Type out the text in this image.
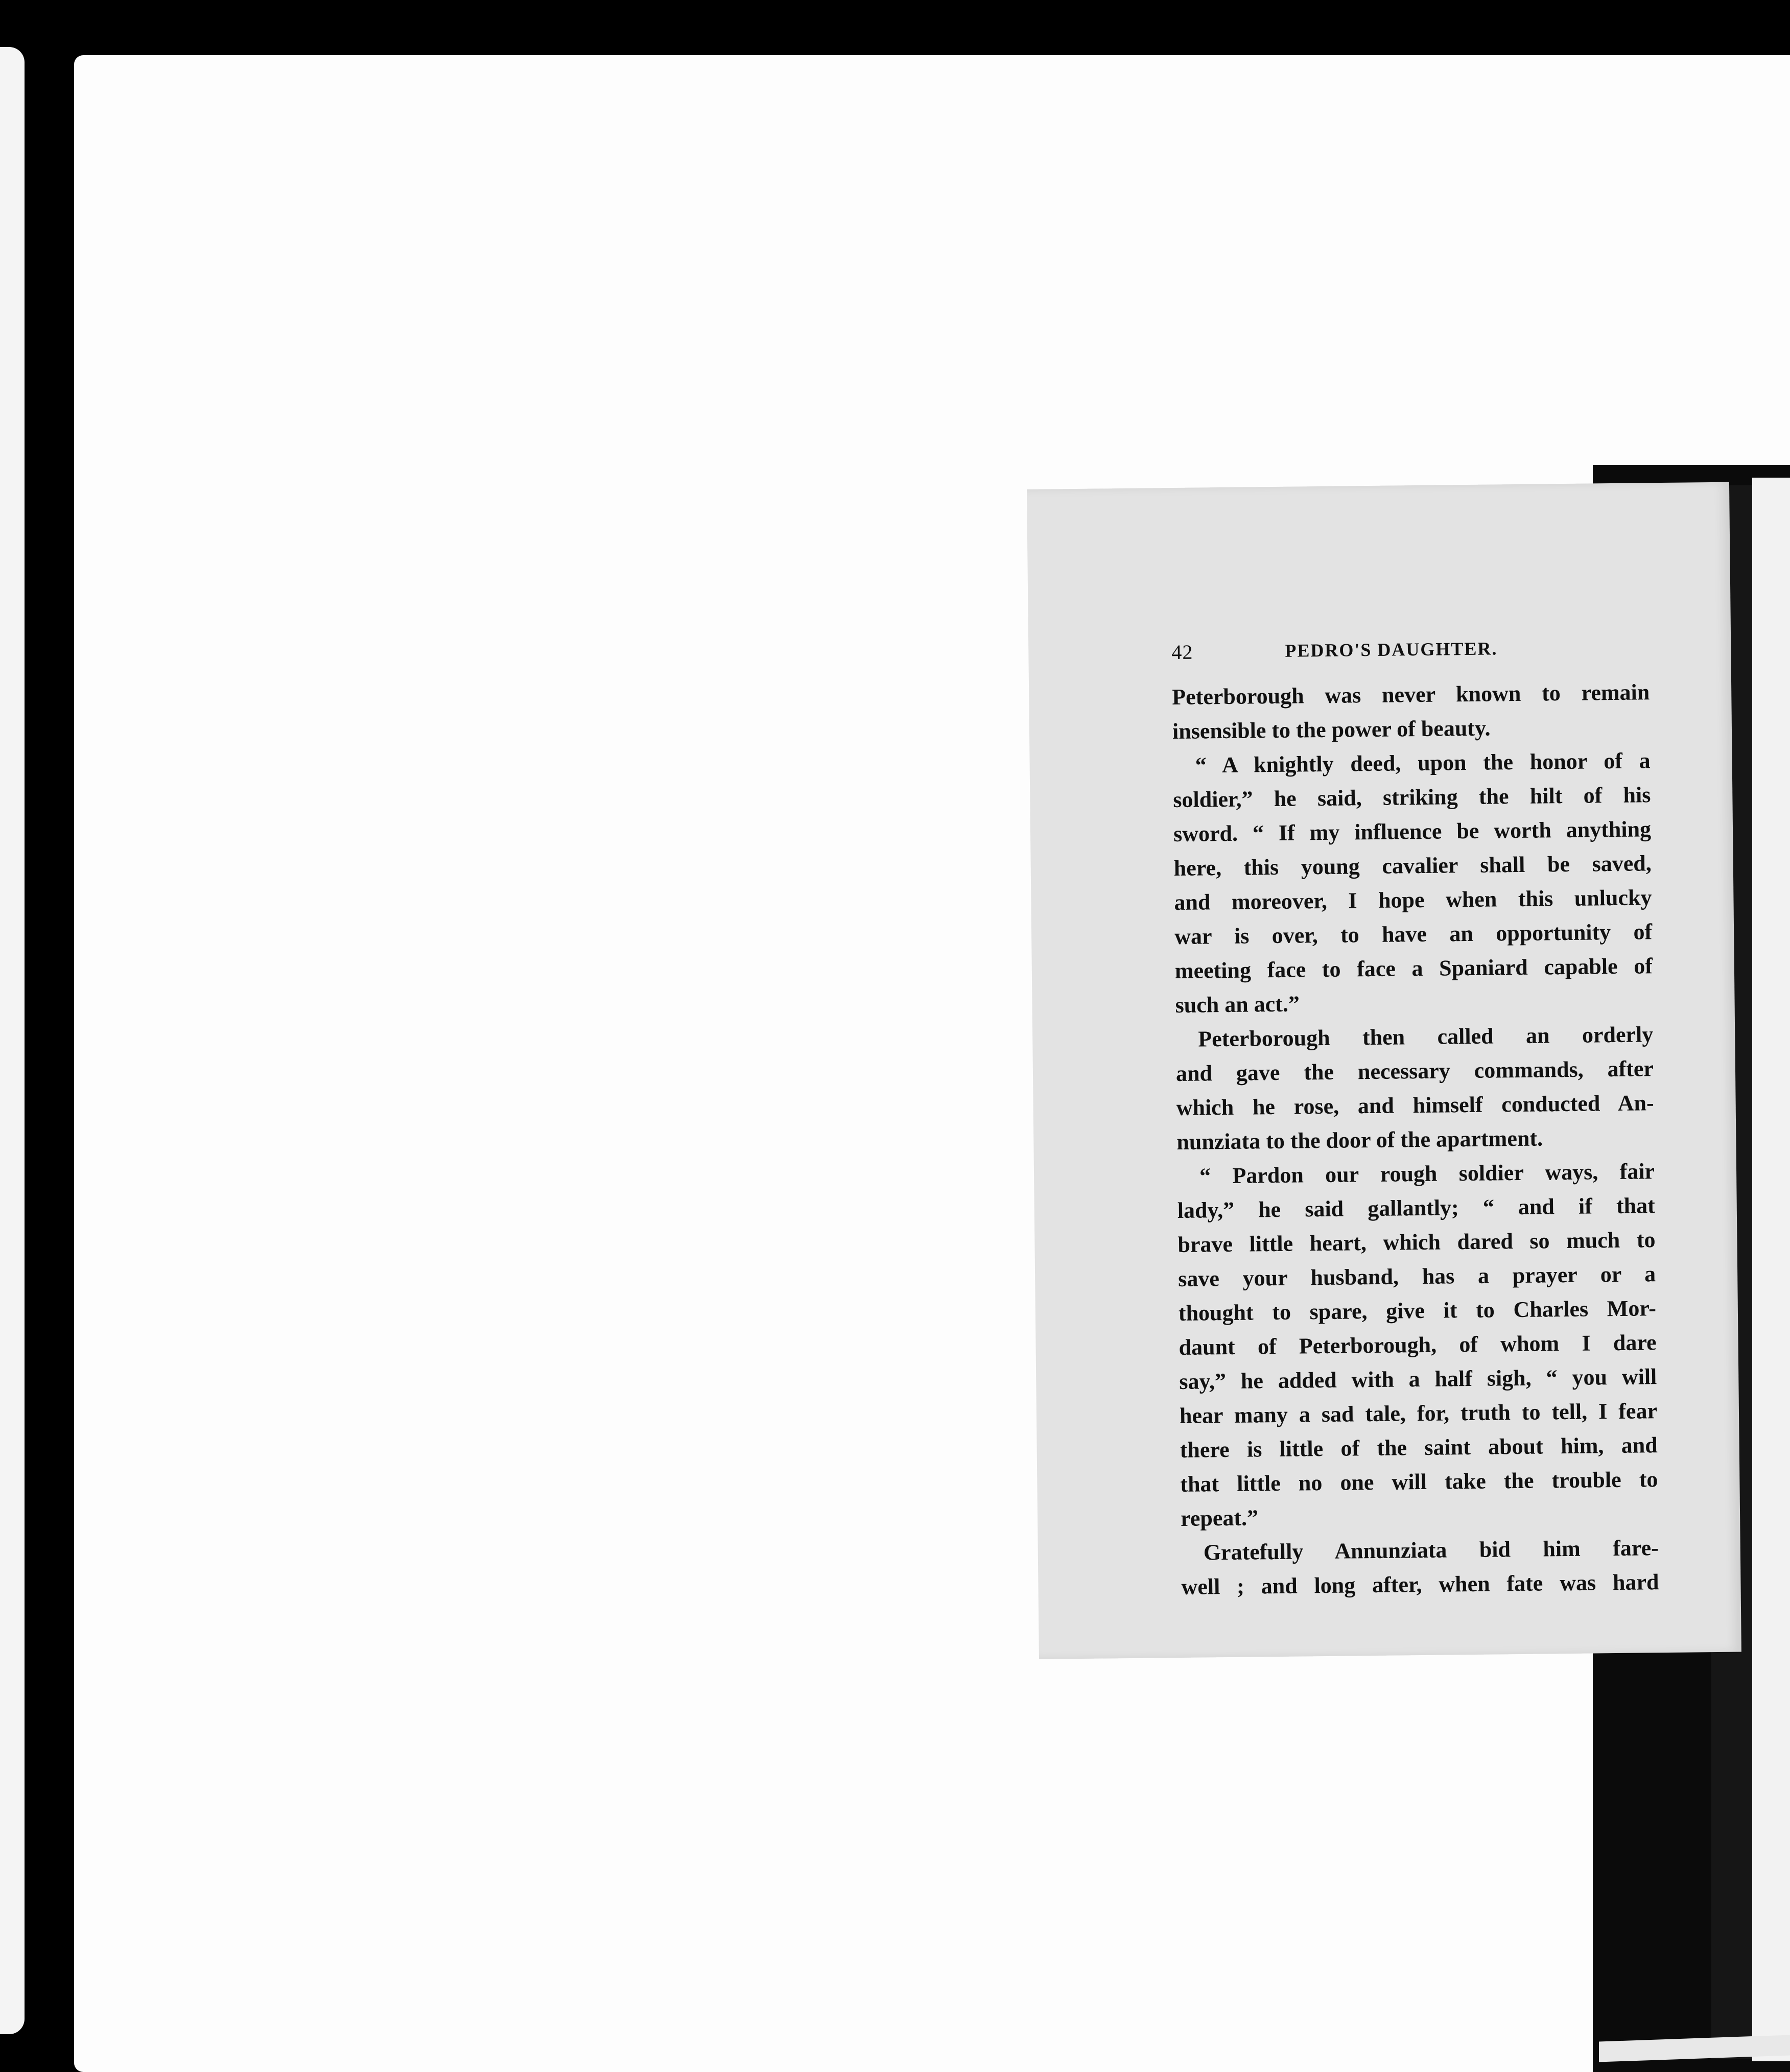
42	PEDRO'S DAUGHTER.
Peterborough was never known to remain
insensible to the power of beauty.
“ A knightly deed, upon the honor of a
soldier,” he said, striking the hilt of his
sword. “ If my influence be worth anything
here, this young cavalier shall be saved,
and moreover, I hope when this unlucky
war is over, to have an opportunity of
meeting face to face a Spaniard capable of
such an act.”
Peterborough then called an orderly
and gave the necessary commands, after
which he rose, and himself conducted An-
nunziata to the door of the apartment.
“ Pardon our rough soldier ways, fair
lady,” he said gallantly; “ and if that
brave little heart, which dared so much to
save your husband, has a prayer or a
thought to spare, give it to Charles Mor-
daunt of Peterborough, of whom I dare
say,” he added with a half sigh, “ you will
hear many a sad tale, for, truth to tell, I fear
there is little of the saint about him, and
that little no one will take the trouble to
repeat.”
Gratefully Annunziata bid him fare-
well ; and long after, when fate was hard
